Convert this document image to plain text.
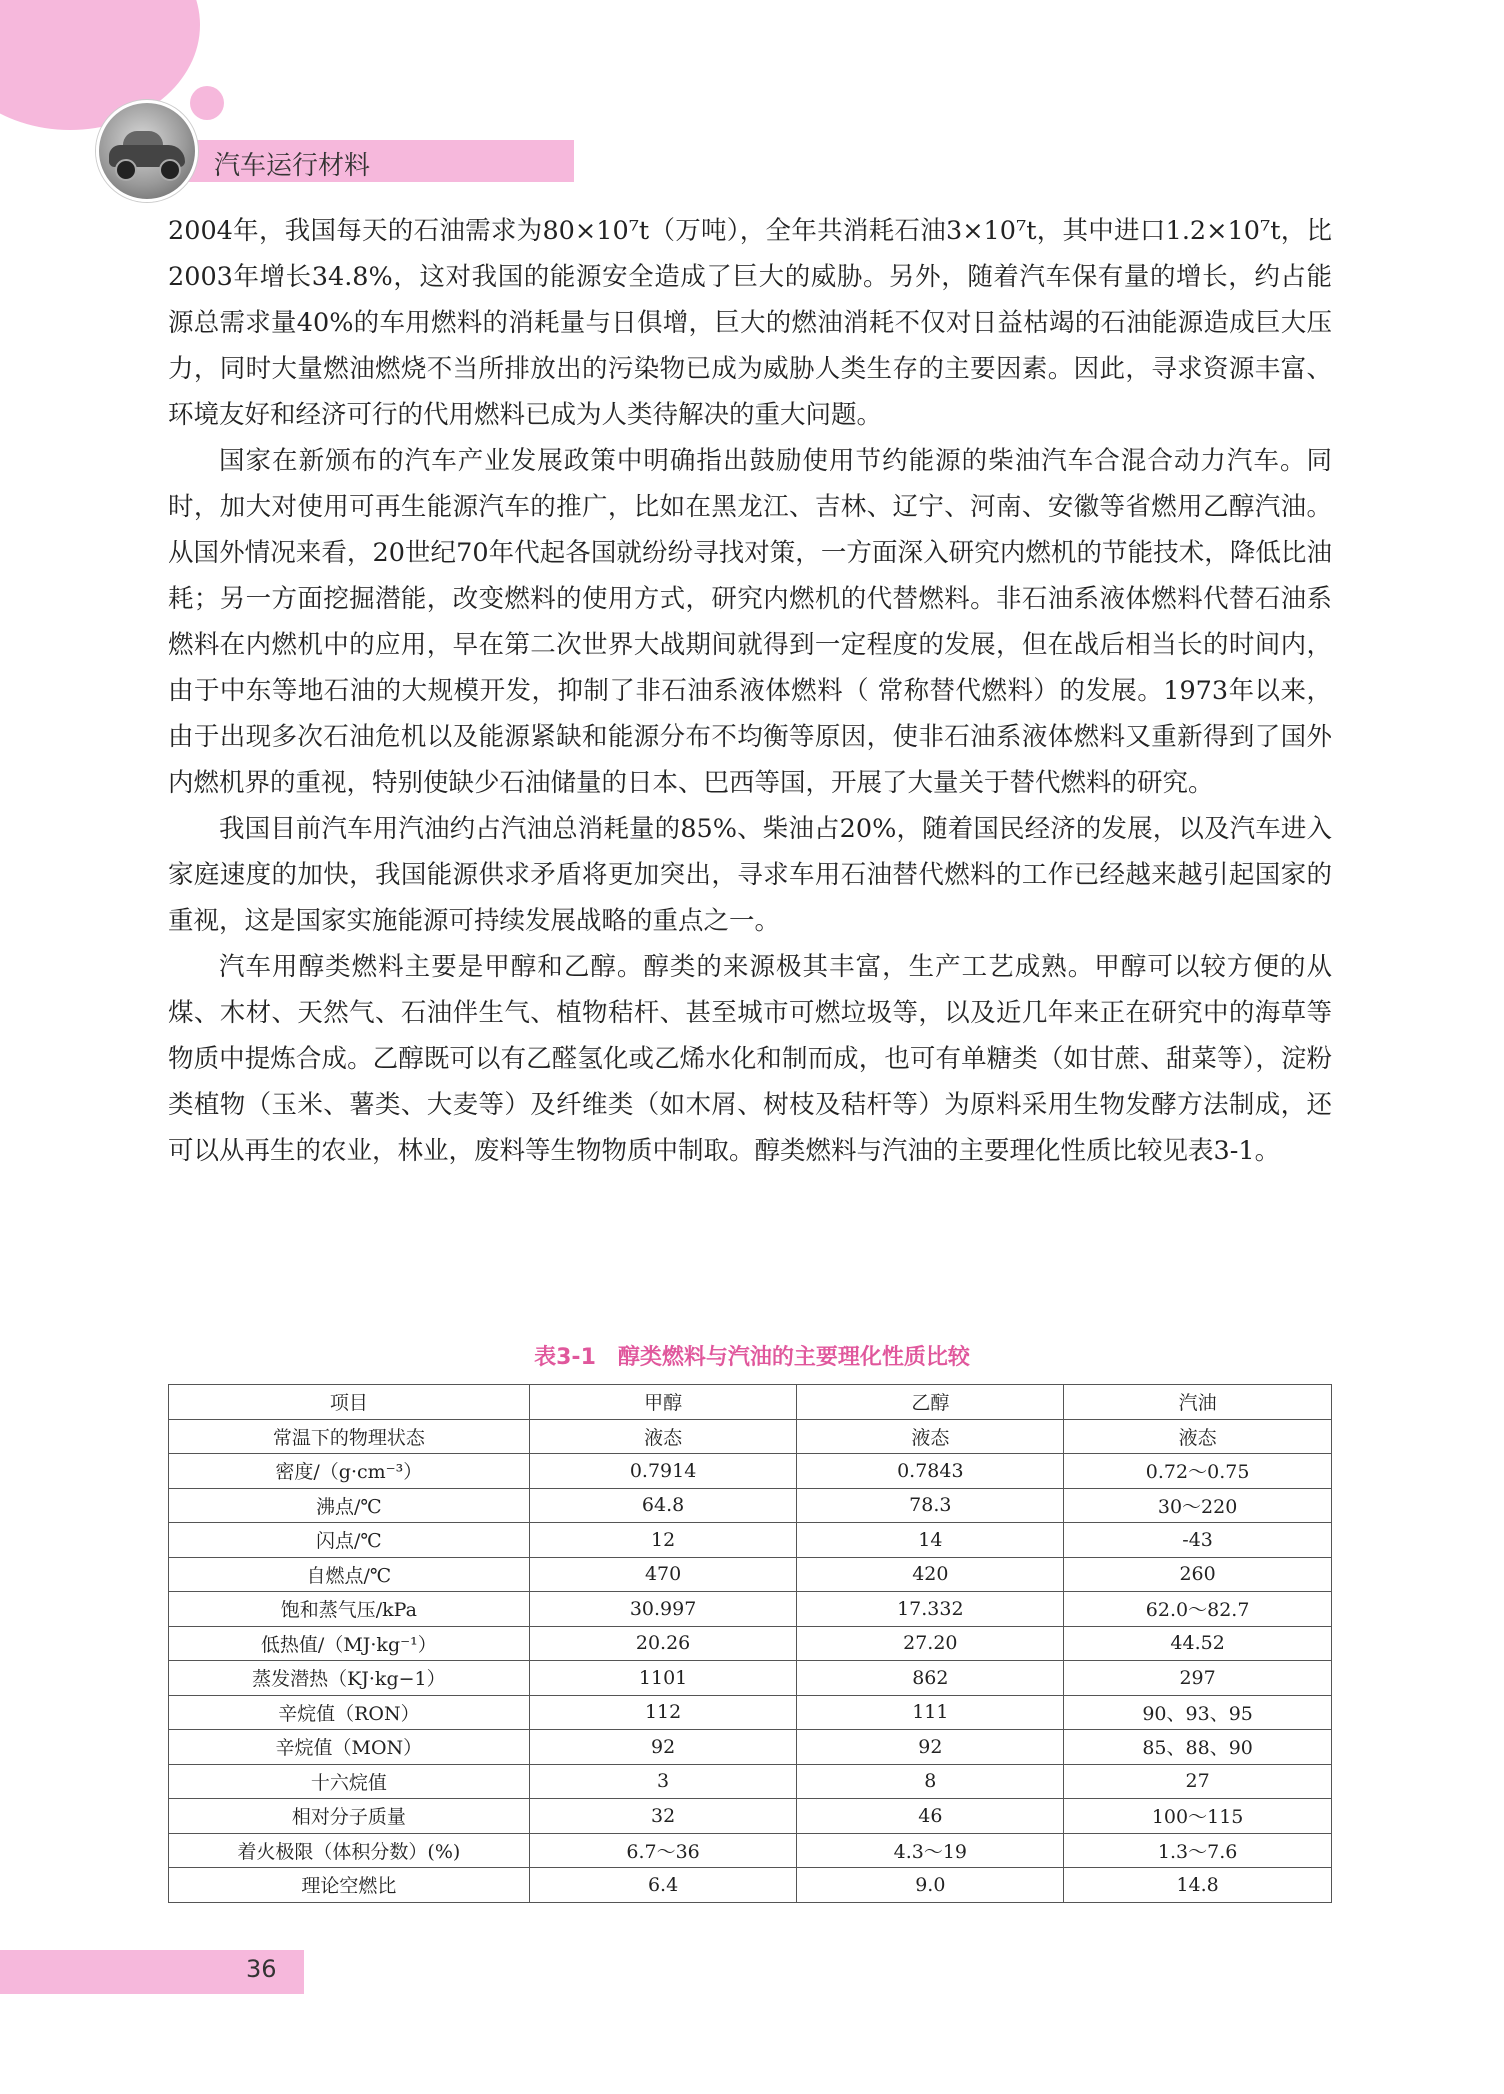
汽车运行材料

2004年，我国每天的石油需求为80×10⁷t（万吨），全年共消耗石油3×10⁷t，其中进口1.2×10⁷t，比2003年增长34.8%，这对我国的能源安全造成了巨大的威胁。另外，随着汽车保有量的增长，约占能源总需求量40%的车用燃料的消耗量与日俱增，巨大的燃油消耗不仅对日益枯竭的石油能源造成巨大压力，同时大量燃油燃烧不当所排放出的污染物已成为威胁人类生存的主要因素。因此，寻求资源丰富、环境友好和经济可行的代用燃料已成为人类待解决的重大问题。

国家在新颁布的汽车产业发展政策中明确指出鼓励使用节约能源的柴油汽车合混合动力汽车。同时，加大对使用可再生能源汽车的推广，比如在黑龙江、吉林、辽宁、河南、安徽等省燃用乙醇汽油。从国外情况来看，20世纪70年代起各国就纷纷寻找对策，一方面深入研究内燃机的节能技术，降低比油耗；另一方面挖掘潜能，改变燃料的使用方式，研究内燃机的代替燃料。非石油系液体燃料代替石油系燃料在内燃机中的应用，早在第二次世界大战期间就得到一定程度的发展，但在战后相当长的时间内，由于中东等地石油的大规模开发，抑制了非石油系液体燃料（ 常称替代燃料）的发展。1973年以来，由于出现多次石油危机以及能源紧缺和能源分布不均衡等原因，使非石油系液体燃料又重新得到了国外内燃机界的重视，特别使缺少石油储量的日本、巴西等国，开展了大量关于替代燃料的研究。

我国目前汽车用汽油约占汽油总消耗量的85%、柴油占20%，随着国民经济的发展，以及汽车进入家庭速度的加快，我国能源供求矛盾将更加突出，寻求车用石油替代燃料的工作已经越来越引起国家的重视，这是国家实施能源可持续发展战略的重点之一。

汽车用醇类燃料主要是甲醇和乙醇。醇类的来源极其丰富，生产工艺成熟。甲醇可以较方便的从煤、木材、天然气、石油伴生气、植物秸杆、甚至城市可燃垃圾等，以及近几年来正在研究中的海草等物质中提炼合成。乙醇既可以有乙醛氢化或乙烯水化和制而成，也可有单糖类（如甘蔗、甜菜等），淀粉类植物（玉米、薯类、大麦等）及纤维类（如木屑、树枝及秸杆等）为原料采用生物发酵方法制成，还可以从再生的农业，林业，废料等生物物质中制取。醇类燃料与汽油的主要理化性质比较见表3-1。

表3-1　醇类燃料与汽油的主要理化性质比较
项目	甲醇	乙醇	汽油
常温下的物理状态	液态	液态	液态
密度/（g·cm⁻³）	0.7914	0.7843	0.72～0.75
沸点/℃	64.8	78.3	30～220
闪点/℃	12	14	-43
自燃点/℃	470	420	260
饱和蒸气压/kPa	30.997	17.332	62.0～82.7
低热值/（MJ·kg⁻¹）	20.26	27.20	44.52
蒸发潜热（KJ·kg−1）	1101	862	297
辛烷值（RON）	112	111	90、93、95
辛烷值（MON）	92	92	85、88、90
十六烷值	3	8	27
相对分子质量	32	46	100～115
着火极限（体积分数）(%)	6.7～36	4.3～19	1.3～7.6
理论空燃比	6.4	9.0	14.8
36
